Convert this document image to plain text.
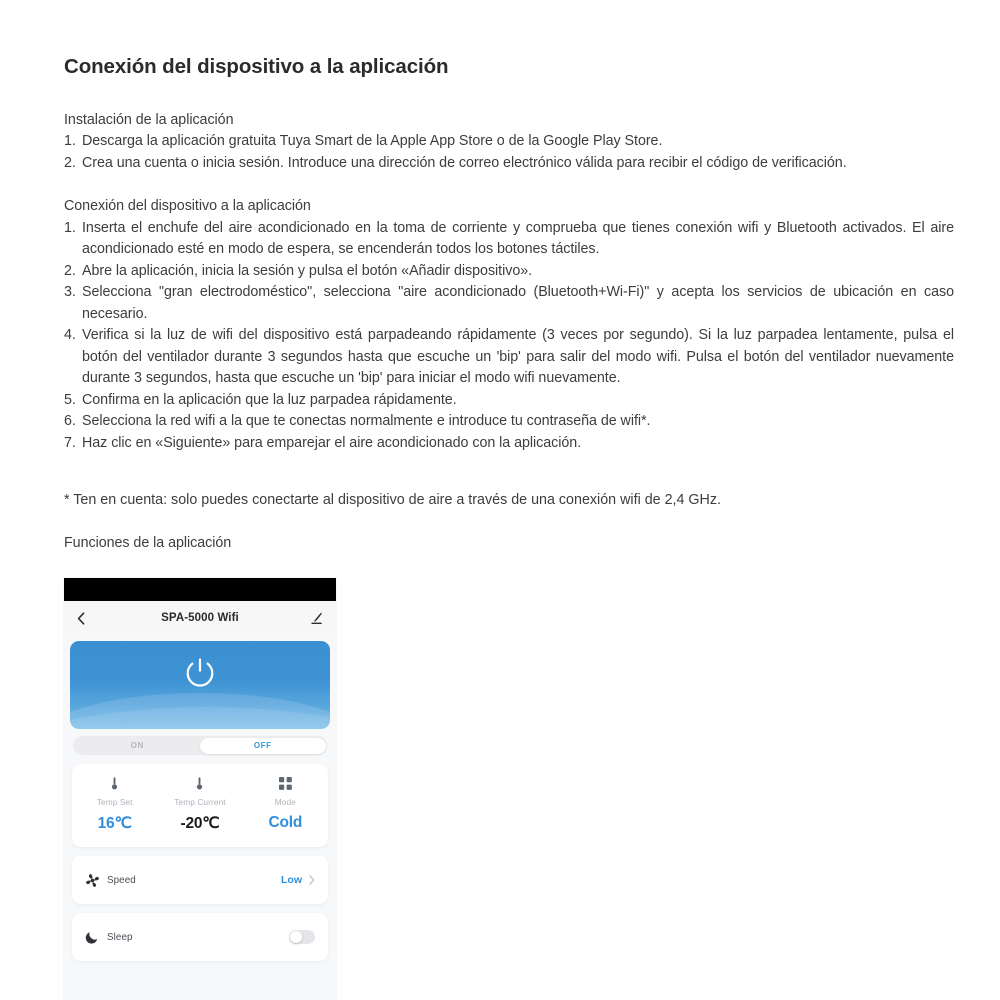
Conexión del dispositivo a la aplicación

Instalación de la aplicación

1. Descarga la aplicación gratuita Tuya Smart de la Apple App Store o de la Google Play Store.
2. Crea una cuenta o inicia sesión. Introduce una dirección de correo electrónico válida para recibir el código de verificación.

Conexión del dispositivo a la aplicación

1. Inserta el enchufe del aire acondicionado en la toma de corriente y comprueba que tienes conexión wifi y Bluetooth activados. El aire acondicionado esté en modo de espera, se encenderán todos los botones táctiles.
2. Abre la aplicación, inicia la sesión y pulsa el botón «Añadir dispositivo».
3. Selecciona "gran electrodoméstico", selecciona "aire acondicionado (Bluetooth+Wi-Fi)" y acepta los servicios de ubicación en caso necesario.
4. Verifica si la luz de wifi del dispositivo está parpadeando rápidamente (3 veces por segundo). Si la luz parpadea lentamente, pulsa el botón del ventilador durante 3 segundos hasta que escuche un 'bip' para salir del modo wifi. Pulsa el botón del ventilador nuevamente durante 3 segundos, hasta que escuche un 'bip' para iniciar el modo wifi nuevamente.
5. Confirma en la aplicación que la luz parpadea rápidamente.
6. Selecciona la red wifi a la que te conectas normalmente e introduce tu contraseña de wifi*.
7. Haz clic en «Siguiente» para emparejar el aire acondicionado con la aplicación.

* Ten en cuenta: solo puedes conectarte al dispositivo de aire a través de una conexión wifi de 2,4 GHz.

Funciones de la aplicación

SPA-5000 Wifi
ON	OFF
Temp Set
16℃
Temp Current
-20℃
Mode
Cold
Speed	Low
Sleep
